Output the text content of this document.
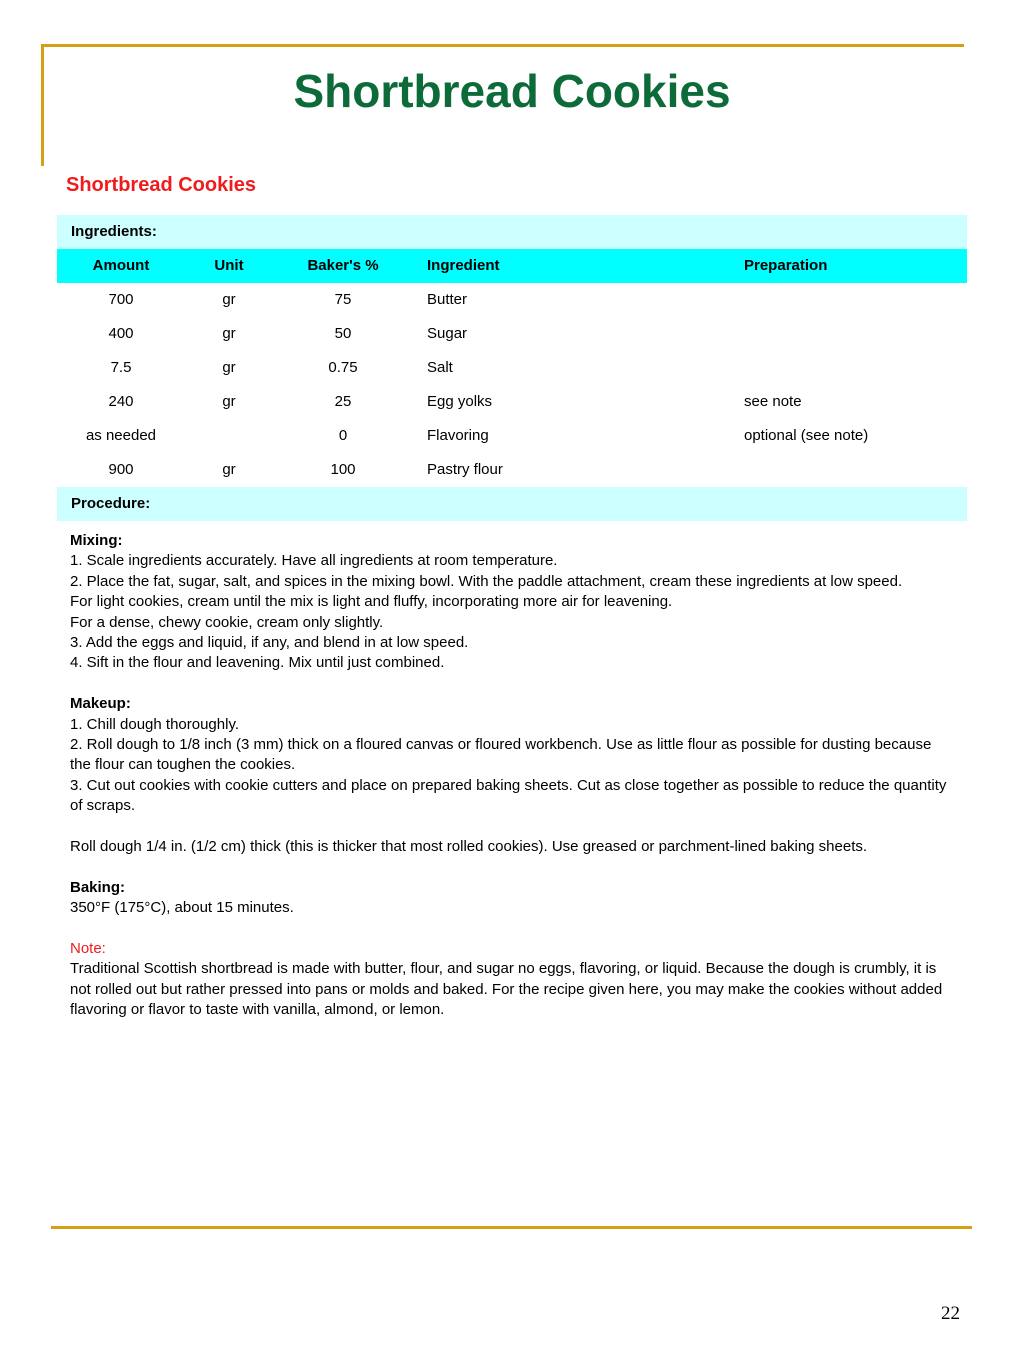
Shortbread Cookies
Shortbread Cookies
Ingredients:				
Amount	Unit	Baker's %	Ingredient	Preparation
700	gr	75	Butter	
400	gr	50	Sugar	
7.5	gr	0.75	Salt	
240	gr	25	Egg yolks	see note
as needed		0	Flavoring	optional (see note)
900	gr	100	Pastry flour	
Procedure:				

Mixing:

1. Scale ingredients accurately. Have all ingredients at room temperature.

2. Place the fat, sugar, salt, and spices in the mixing bowl. With the paddle attachment, cream these ingredients at low speed.

For light cookies, cream until the mix is light and fluffy, incorporating more air for leavening.

For a dense, chewy cookie, cream only slightly.

3. Add the eggs and liquid, if any, and blend in at low speed.

4. Sift in the flour and leavening. Mix until just combined.

Makeup:

1. Chill dough thoroughly.

2. Roll dough to 1/8 inch (3 mm) thick on a floured canvas or floured workbench. Use as little flour as possible for dusting because the flour can toughen the cookies.

3. Cut out cookies with cookie cutters and place on prepared baking sheets. Cut as close together as possible to reduce the quantity of scraps.

Roll dough 1/4 in. (1/2 cm) thick (this is thicker that most rolled cookies). Use greased or parchment-lined baking sheets.

Baking:

350°F (175°C), about 15 minutes.

Note:

Traditional Scottish shortbread is made with butter, flour, and sugar no eggs, flavoring, or liquid. Because the dough is crumbly, it is not rolled out but rather pressed into pans or molds and baked. For the recipe given here, you may make the cookies without added flavoring or flavor to taste with vanilla, almond, or lemon.

22
